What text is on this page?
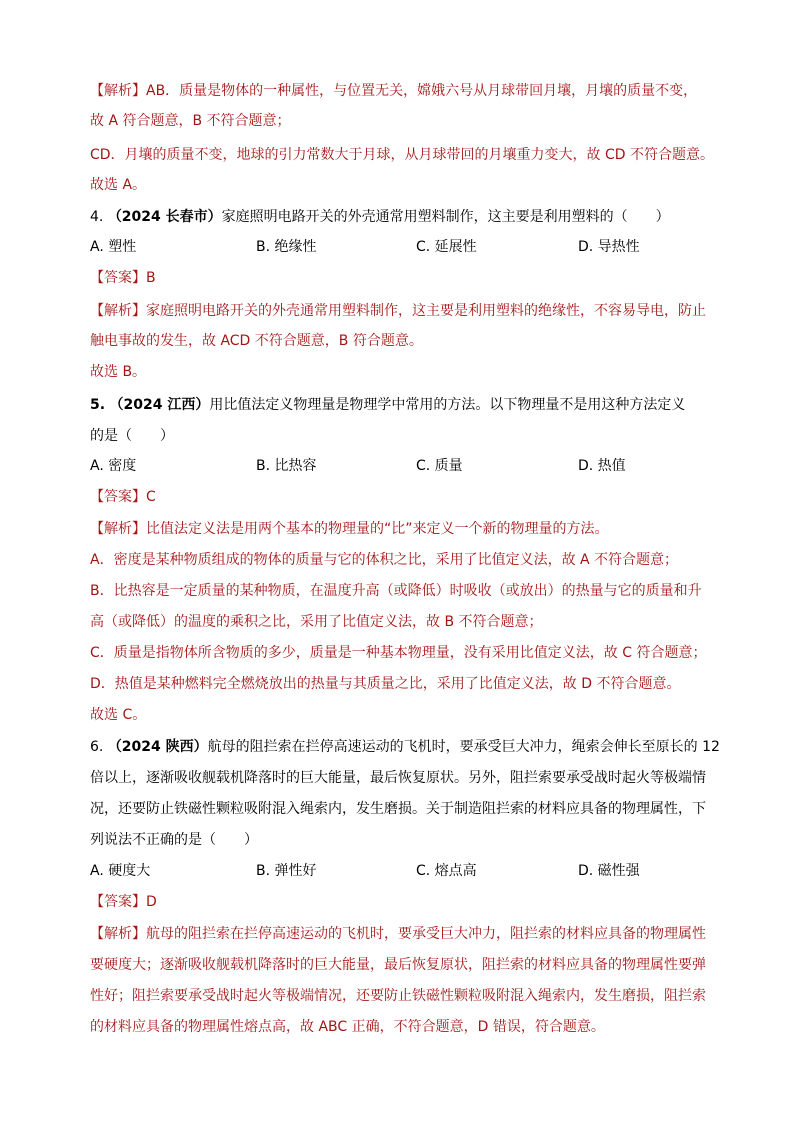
【解析】AB．质量是物体的一种属性，与位置无关，嫦娥六号从月球带回月壤，月壤的质量不变，
故 A 符合题意，B 不符合题意；
CD．月壤的质量不变，地球的引力常数大于月球，从月球带回的月壤重力变大，故 CD 不符合题意。
故选 A。
4. （2024 长春市）家庭照明电路开关的外壳通常用塑料制作，这主要是利用塑料的（　　）
A. 塑性	B. 绝缘性	C. 延展性	D. 导热性
【答案】B
【解析】家庭照明电路开关的外壳通常用塑料制作，这主要是利用塑料的绝缘性，不容易导电，防止
触电事故的发生，故 ACD 不符合题意，B 符合题意。
故选 B。
5. （2024 江西）用比值法定义物理量是物理学中常用的方法。以下物理量不是用这种方法定义
的是（　　）
A. 密度	B. 比热容	C. 质量	D. 热值
【答案】C
【解析】比值法定义法是用两个基本的物理量的“比”来定义一个新的物理量的方法。
A．密度是某种物质组成的物体的质量与它的体积之比，采用了比值定义法，故 A 不符合题意；
B．比热容是一定质量的某种物质，在温度升高（或降低）时吸收（或放出）的热量与它的质量和升
高（或降低）的温度的乘积之比，采用了比值定义法，故 B 不符合题意；
C．质量是指物体所含物质的多少，质量是一种基本物理量，没有采用比值定义法，故 C 符合题意；
D．热值是某种燃料完全燃烧放出的热量与其质量之比，采用了比值定义法，故 D 不符合题意。
故选 C。
6. （2024 陕西）航母的阻拦索在拦停高速运动的飞机时，要承受巨大冲力，绳索会伸长至原长的 12
倍以上，逐渐吸收舰载机降落时的巨大能量，最后恢复原状。另外，阻拦索要承受战时起火等极端情
况，还要防止铁磁性颗粒吸附混入绳索内，发生磨损。关于制造阻拦索的材料应具备的物理属性，下
列说法不正确的是（　　）
A. 硬度大	B. 弹性好	C. 熔点高	D. 磁性强
【答案】D
【解析】航母的阻拦索在拦停高速运动的飞机时，要承受巨大冲力，阻拦索的材料应具备的物理属性
要硬度大；逐渐吸收舰载机降落时的巨大能量，最后恢复原状，阻拦索的材料应具备的物理属性要弹
性好；阻拦索要承受战时起火等极端情况，还要防止铁磁性颗粒吸附混入绳索内，发生磨损，阻拦索
的材料应具备的物理属性熔点高，故 ABC 正确，不符合题意，D 错误，符合题意。
